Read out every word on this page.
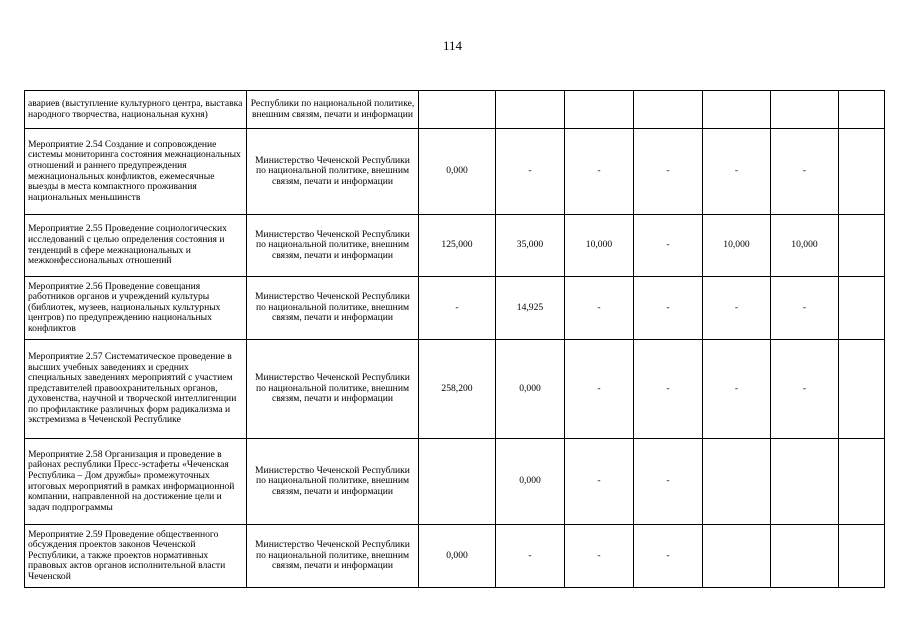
114
авариев (выступление культурного центра, выставка народного творчества, национальная кухня)	Республики по национальной политике, внешним связям, печати и информации							
Мероприятие 2.54 Создание и сопровождение системы мониторинга состояния межнациональных отношений и раннего предупреждения межнациональных конфликтов, ежемесячные выезды в места компактного проживания национальных меньшинств	Министерство Чеченской Республики по национальной политике, внешним связям, печати и информации	0,000	-	-	-	-	-	
Мероприятие 2.55 Проведение социологических исследований с целью определения состояния и тенденций в сфере межнациональных и межконфессиональных отношений	Министерство Чеченской Республики по национальной политике, внешним связям, печати и информации	125,000	35,000	10,000	-	10,000	10,000	
Мероприятие 2.56 Проведение совещания работников органов и учреждений культуры (библиотек, музеев, национальных культурных центров) по предупреждению национальных конфликтов	Министерство Чеченской Республики по национальной политике, внешним связям, печати и информации	-	14,925	-	-	-	-	
Мероприятие 2.57 Систематическое проведение в высших учебных заведениях и средних специальных заведениях мероприятий с участием представителей правоохранительных органов, духовенства, научной и творческой интеллигенции по профилактике различных форм радикализма и экстремизма в Чеченской Республике	Министерство Чеченской Республики по национальной политике, внешним связям, печати и информации	258,200	0,000	-	-	-	-	
Мероприятие 2.58 Организация и проведение в районах республики Пресс-эстафеты «Чеченская Республика – Дом дружбы» промежуточных итоговых мероприятий в рамках информационной компании, направленной на достижение цели и задач подпрограммы	Министерство Чеченской Республики по национальной политике, внешним связям, печати и информации		0,000	-	-			
Мероприятие 2.59 Проведение общественного обсуждения проектов законов Чеченской Республики, а также проектов нормативных правовых актов органов исполнительной власти Чеченской	Министерство Чеченской Республики по национальной политике, внешним связям, печати и информации	0,000	-	-	-			
